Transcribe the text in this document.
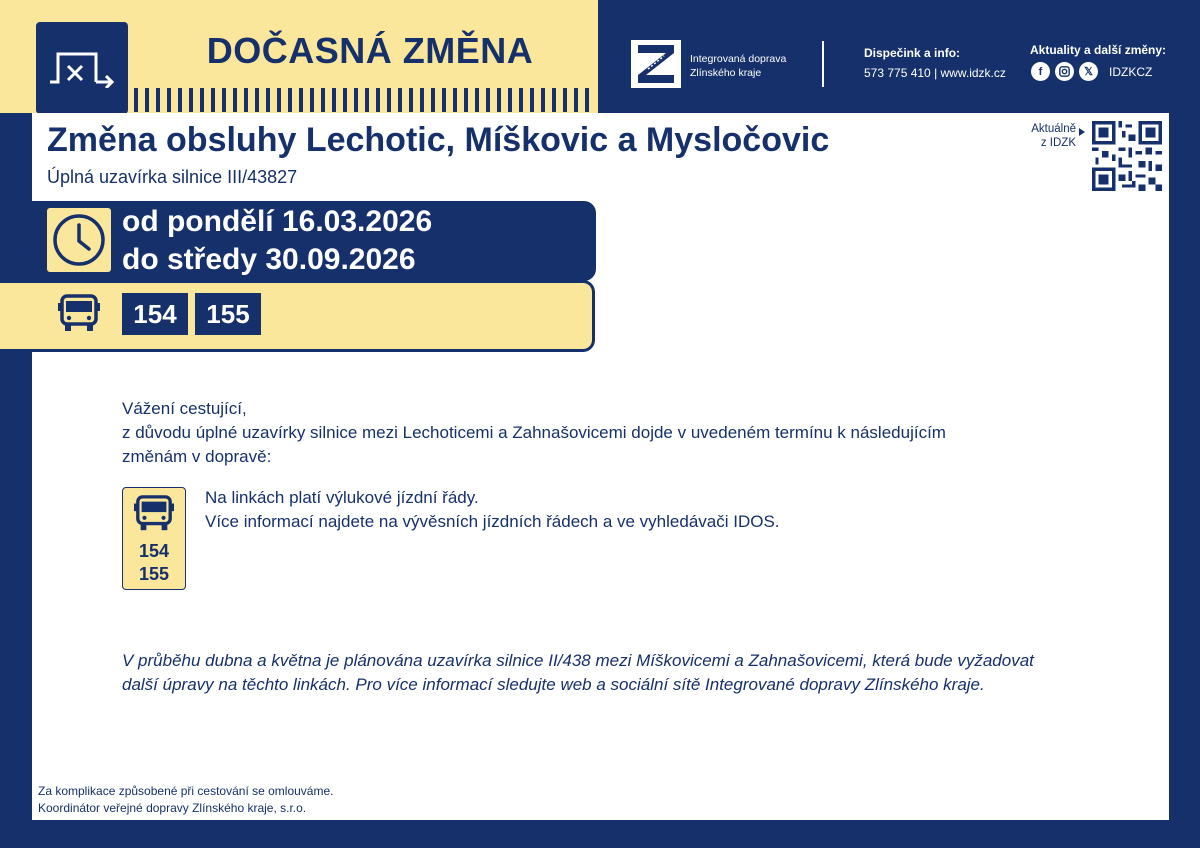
DOČASNÁ ZMĚNA	Integrovaná doprava
Zlínského kraje
Dispečink a info:
573 775 410 | www.idzk.cz
Aktuality a další změny:
f	𝕏	IDZKCZ
Změna obsluhy Lechotic, Míškovic a Mysločovic
Úplná uzavírka silnice III/43827
Aktuálně
z IDZK
od pondělí 16.03.2026
do středy 30.09.2026
154	155
Vážení cestující,
z důvodu úplné uzavírky silnice mezi Lechoticemi a Zahnašovicemi dojde v uvedeném termínu k následujícím
změnám v dopravě:
154
155
Na linkách platí výlukové jízdní řády.
Více informací najdete na vývěsních jízdních řádech a ve vyhledávači IDOS.
V průběhu dubna a května je plánována uzavírka silnice II/438 mezi Míškovicemi a Zahnašovicemi, která bude vyžadovat
další úpravy na těchto linkách. Pro více informací sledujte web a sociální sítě Integrované dopravy Zlínského kraje.
Za komplikace způsobené při cestování se omlouváme.
Koordinátor veřejné dopravy Zlínského kraje, s.r.o.
